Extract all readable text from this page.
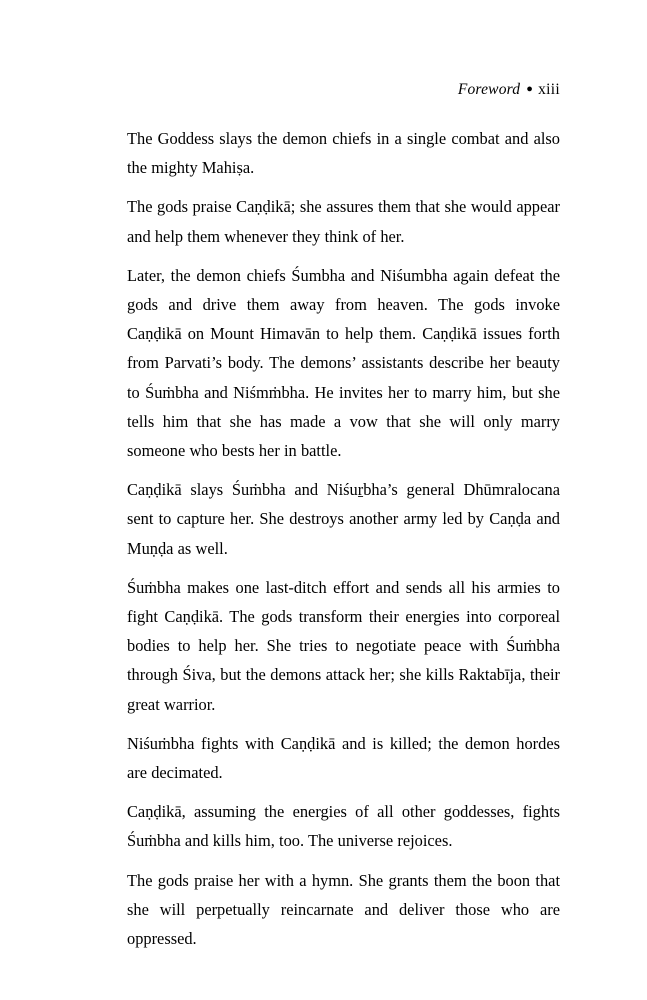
Foreword ● xiii

The Goddess slays the demon chiefs in a single combat and also the mighty Mahiṣa.

The gods praise Caṇḍikā; she assures them that she would appear and help them whenever they think of her.

Later, the demon chiefs Śumbha and Niśumbha again defeat the gods and drive them away from heaven. The gods invoke Caṇḍikā on Mount Himavān to help them. Caṇḍikā issues forth from Parvati’s body. The demons’ assistants describe her beauty to Śuṁbha and Niśmṁbha. He invites her to marry him, but she tells him that she has made a vow that she will only marry someone who bests her in battle.

Caṇḍikā slays Śuṁbha and Niśuṟbha’s general Dhūmralocana sent to capture her. She destroys another army led by Caṇḍa and Muṇḍa as well.

Śuṁbha makes one last-ditch effort and sends all his armies to fight Caṇḍikā. The gods transform their energies into corporeal bodies to help her. She tries to negotiate peace with Śuṁbha through Śiva, but the demons attack her; she kills Raktabīja, their great warrior.

Niśuṁbha fights with Caṇḍikā and is killed; the demon hordes are decimated.

Caṇḍikā, assuming the energies of all other goddesses, fights Śuṁbha and kills him, too. The universe rejoices.

The gods praise her with a hymn. She grants them the boon that she will perpetually reincarnate and deliver those who are oppressed.
